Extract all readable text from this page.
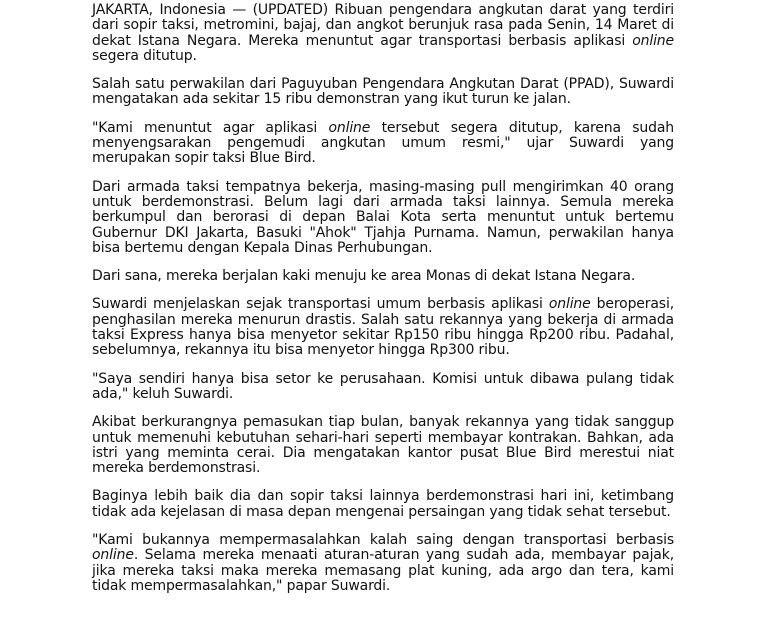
JAKARTA, Indonesia — (UPDATED) Ribuan pengendara angkutan darat yang terdiri dari sopir taksi, metromini, bajaj, dan angkot berunjuk rasa pada Senin, 14 Maret di dekat Istana Negara. Mereka menuntut agar transportasi berbasis aplikasi online segera ditutup.

Salah satu perwakilan dari Paguyuban Pengendara Angkutan Darat (PPAD), Suwardi mengatakan ada sekitar 15 ribu demonstran yang ikut turun ke jalan.

"Kami menuntut agar aplikasi online tersebut segera ditutup, karena sudah menyengsarakan pengemudi angkutan umum resmi," ujar Suwardi yang merupakan sopir taksi Blue Bird.

Dari armada taksi tempatnya bekerja, masing-masing pull mengirimkan 40 orang untuk berdemonstrasi. Belum lagi dari armada taksi lainnya. Semula mereka berkumpul dan berorasi di depan Balai Kota serta menuntut untuk bertemu Gubernur DKI Jakarta, Basuki "Ahok" Tjahja Purnama. Namun, perwakilan hanya bisa bertemu dengan Kepala Dinas Perhubungan.

Dari sana, mereka berjalan kaki menuju ke area Monas di dekat Istana Negara.

Suwardi menjelaskan sejak transportasi umum berbasis aplikasi online beroperasi, penghasilan mereka menurun drastis. Salah satu rekannya yang bekerja di armada taksi Express hanya bisa menyetor sekitar Rp150 ribu hingga Rp200 ribu. Padahal, sebelumnya, rekannya itu bisa menyetor hingga Rp300 ribu.

"Saya sendiri hanya bisa setor ke perusahaan. Komisi untuk dibawa pulang tidak ada," keluh Suwardi.

Akibat berkurangnya pemasukan tiap bulan, banyak rekannya yang tidak sanggup untuk memenuhi kebutuhan sehari-hari seperti membayar kontrakan. Bahkan, ada istri yang meminta cerai. Dia mengatakan kantor pusat Blue Bird merestui niat mereka berdemonstrasi.

Baginya lebih baik dia dan sopir taksi lainnya berdemonstrasi hari ini, ketimbang tidak ada kejelasan di masa depan mengenai persaingan yang tidak sehat tersebut.

"Kami bukannya mempermasalahkan kalah saing dengan transportasi berbasis online. Selama mereka menaati aturan-aturan yang sudah ada, membayar pajak, jika mereka taksi maka mereka memasang plat kuning, ada argo dan tera, kami tidak mempermasalahkan," papar Suwardi.
